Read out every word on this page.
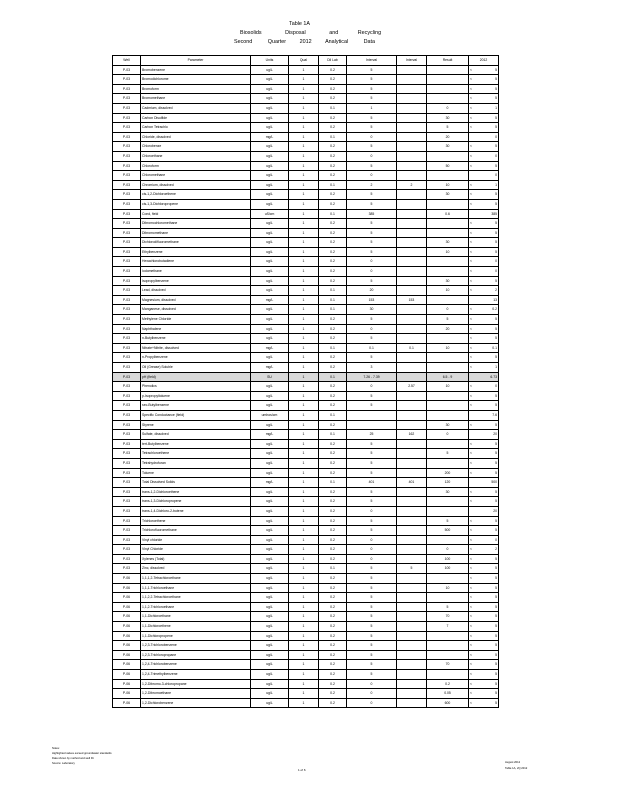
Table 1A
Biosolids	Disposal	and	Recycling
Second	Quarter	2012	Analytical	Data
Well	Parameter	Units	Qual	Dil Lab	Interval	Interval	Result	2012	
P-03	Bromobenzene	ug/L	1	0.2	5			<	5
P-03	Bromodichlorome	ug/L	1	0.2	5			<	5
P-03	Bromoform	ug/L	1	0.2	5			<	5
P-03	Bromomethane	ug/L	1	0.2	5			<	5
P-03	Cadmium, dissolved	ug/L	1	0.1	1		0	<	1
P-03	Carbon Disulfide	ug/L	1	0.2	5		30	<	5
P-03	Carbon Tetrachlo	ug/L	1	0.2	5		5	<	5
P-03	Chloride, dissolved	mg/L	1	0.1	0		20		0
P-03	Chlorobenze	ug/L	1	0.2	5		30	<	5
P-03	Chloroethane	ug/L	1	0.2	0			<	0
P-03	Chloroform	ug/L	1	0.2	5		50	<	5
P-03	Chloromethane	ug/L	1	0.2	0				0
P-03	Chromium, dissolved	ug/L	1	0.1	2	2	10	<	1
P-03	cis-1,2-Dichloroethene	ug/L	1	0.2	5		30	<	5
P-03	cis-1,3-Dichloropropene	ug/L	1	0.2	5			<	5
P-03	Cond, field	uS/cm	1	0.1	385		0.6		385
P-03	Dibromochloromethane	ug/L	1	0.2	5			<	5
P-03	Dibromomethane	ug/L	1	0.2	5			<	5
P-03	Dichlorodifluoromethane	ug/L	1	0.2	5		30	<	5
P-03	Ethylbenzene	ug/L	1	0.2	5		10	<	5
P-03	Hexachlorobutadiene	ug/L	1	0.2	0			<	0
P-03	Iodomethane	ug/L	1	0.2	0			<	0
P-03	Isopropylbenzene	ug/L	1	0.2	5		30	<	5
P-03	Lead, dissolved	ug/L	1	0.1	20		10	<	2
P-03	Magnesium, dissolved	mg/L	1	0.1	153	153			13
P-03	Manganese, dissolved	ug/L	1	0.1	30		0	<	0.2
P-03	Methylene Chloride	ug/L	1	0.2	5		5	<	5
P-03	Naphthalene	ug/L	1	0.2	0		20	<	5
P-03	n-Butylbenzene	ug/L	1	0.2	5			<	5
P-03	Nitrate+Nitrite, dissolved	mg/L	1	0.1	0.1	0.1	10	<	0.1
P-03	n-Propylbenzene	ug/L	1	0.2	5			<	5
P-03	Oil (Grease) Soluble	mg/L	1	0.2	3			<	1
P-03	pH (field)	SU	1	0.1	7.26 - 7.39		6.5 - 9		6.73
P-03	Phenolics	ug/L	1	0.2	0	2.57	10	<	0
P-03	p-Isopropyltoluene	ug/L	1	0.2	5			<	5
P-03	sec-Butylbenzene	ug/L	1	0.2	5			<	5
P-03	Specific Conductance (field)	umhos/cm	1	0.1					7.6
P-03	Styrene	ug/L	1	0.2			30	<	5
P-03	Sulfate, dissolved	mg/L	1	0.1	25	162	0		20
P-03	tert-Butylbenzene	ug/L	1	0.2	5			<	5
P-03	Tetrachloroethene	ug/L	1	0.2	5		5	<	5
P-03	Tetrahydrofuran	ug/L	1	0.2	5			<	5
P-03	Toluene	ug/L	1	0.2	5		200	<	5
P-03	Total Dissolved Solids	mg/L	1	0.1	401	401	120		500
P-03	trans-1,2-Dichloroethene	ug/L	1	0.2	5		30	<	5
P-03	trans-1,3-Dichloropropene	ug/L	1	0.2	5			<	5
P-03	trans-1,4-Dichloro-2-butene	ug/L	1	0.2	0				20
P-03	Trichloroethene	ug/L	1	0.2	5		5	<	5
P-03	Trichlorofluoromethane	ug/L	1	0.2	5		500	<	5
P-03	Vinyl chloride	ug/L	1	0.2	0			<	0
P-03	Vinyl Chloride	ug/L	1	0.2	0		0	<	2
P-03	Xylenes (Total)	ug/L	1	0.2	0		100	<	5
P-03	Zinc, dissolved	ug/L	1	0.1	5	5	100	<	5
P-06	1,1,1,2-Tetrachloroethane	ug/L	1	0.2	5			<	5
P-06	1,1,1-Trichloroethane	ug/L	1	0.2	5		10	<	5
P-06	1,1,2,2-Tetrachloroethane	ug/L	1	0.2	5			<	5
P-06	1,1,2-Trichloroethane	ug/L	1	0.2	5		5	<	5
P-06	1,1-Dichloroethane	ug/L	1	0.2	5		70	<	5
P-06	1,1-Dichloroethene	ug/L	1	0.2	5		7	<	5
P-06	1,1-Dichloropropene	ug/L	1	0.2	5			<	5
P-06	1,2,3-Trichlorobenzene	ug/L	1	0.2	5			<	5
P-06	1,2,3-Trichloropropane	ug/L	1	0.2	5			<	5
P-06	1,2,4-Trichlorobenzene	ug/L	1	0.2	5		70	<	5
P-06	1,2,4-Trimethylbenzene	ug/L	1	0.2	5			<	5
P-06	1,2-Dibromo-3-chloropropane	ug/L	1	0.2	0		0.2	<	5
P-06	1,2-Dibromoethane	ug/L	1	0.2	0		0.05	<	5
P-06	1,2-Dichlorobenzene	ug/L	1	0.2	0		600	<	5
Notes:
Highlighted values exceed groundwater standards
Data shown by method and well ID.
Source: Laboratory
1 of 6
August 2012
Table 1A, 2Q 2012
